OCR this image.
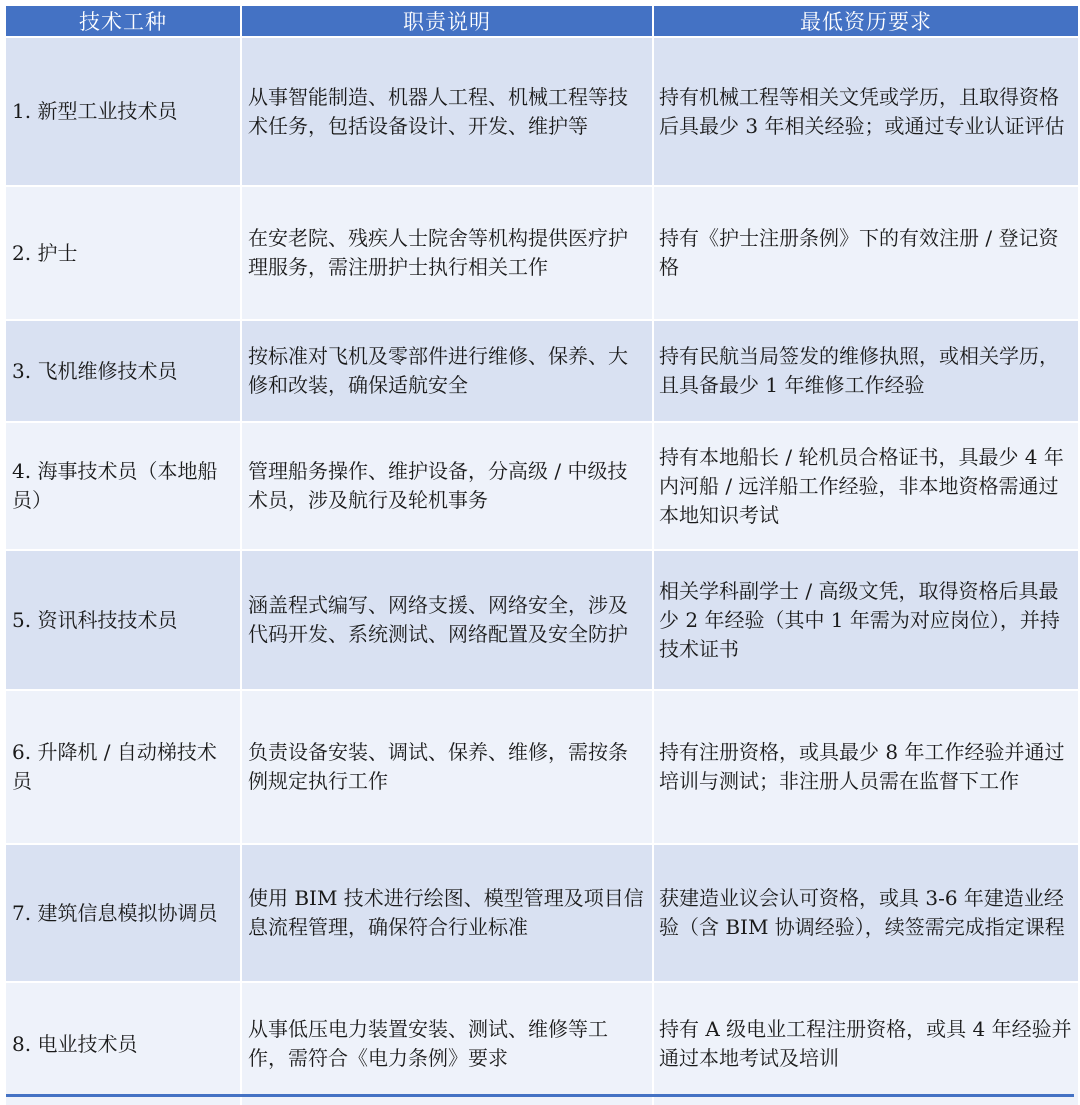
技术工种	职责说明	最低资历要求
1. 新型工业技术员
从事智能制造、机器人工程、机械工程等技术任务，包括设备设计、开发、维护等
持有机械工程等相关文凭或学历，且取得资格后具最少 3 年相关经验；或通过专业认证评估
2. 护士
在安老院、残疾人士院舍等机构提供医疗护理服务，需注册护士执行相关工作
持有《护士注册条例》下的有效注册 / 登记资格
3. 飞机维修技术员
按标准对飞机及零部件进行维修、保养、大修和改装，确保适航安全
持有民航当局签发的维修执照，或相关学历，且具备最少 1 年维修工作经验
4. 海事技术员（本地船员）
管理船务操作、维护设备，分高级 / 中级技术员，涉及航行及轮机事务
持有本地船长 / 轮机员合格证书，具最少 4 年内河船 / 远洋船工作经验，非本地资格需通过本地知识考试
5. 资讯科技技术员
涵盖程式编写、网络支援、网络安全，涉及代码开发、系统测试、网络配置及安全防护
相关学科副学士 / 高级文凭，取得资格后具最少 2 年经验（其中 1 年需为对应岗位），并持技术证书
6. 升降机 / 自动梯技术员
负责设备安装、调试、保养、维修，需按条例规定执行工作
持有注册资格，或具最少 8 年工作经验并通过培训与测试；非注册人员需在监督下工作
7. 建筑信息模拟协调员
使用 BIM 技术进行绘图、模型管理及项目信息流程管理，确保符合行业标准
获建造业议会认可资格，或具 3-6 年建造业经验（含 BIM 协调经验），续签需完成指定课程
8. 电业技术员
从事低压电力装置安装、测试、维修等工作，需符合《电力条例》要求
持有 A 级电业工程注册资格，或具 4 年经验并通过本地考试及培训
